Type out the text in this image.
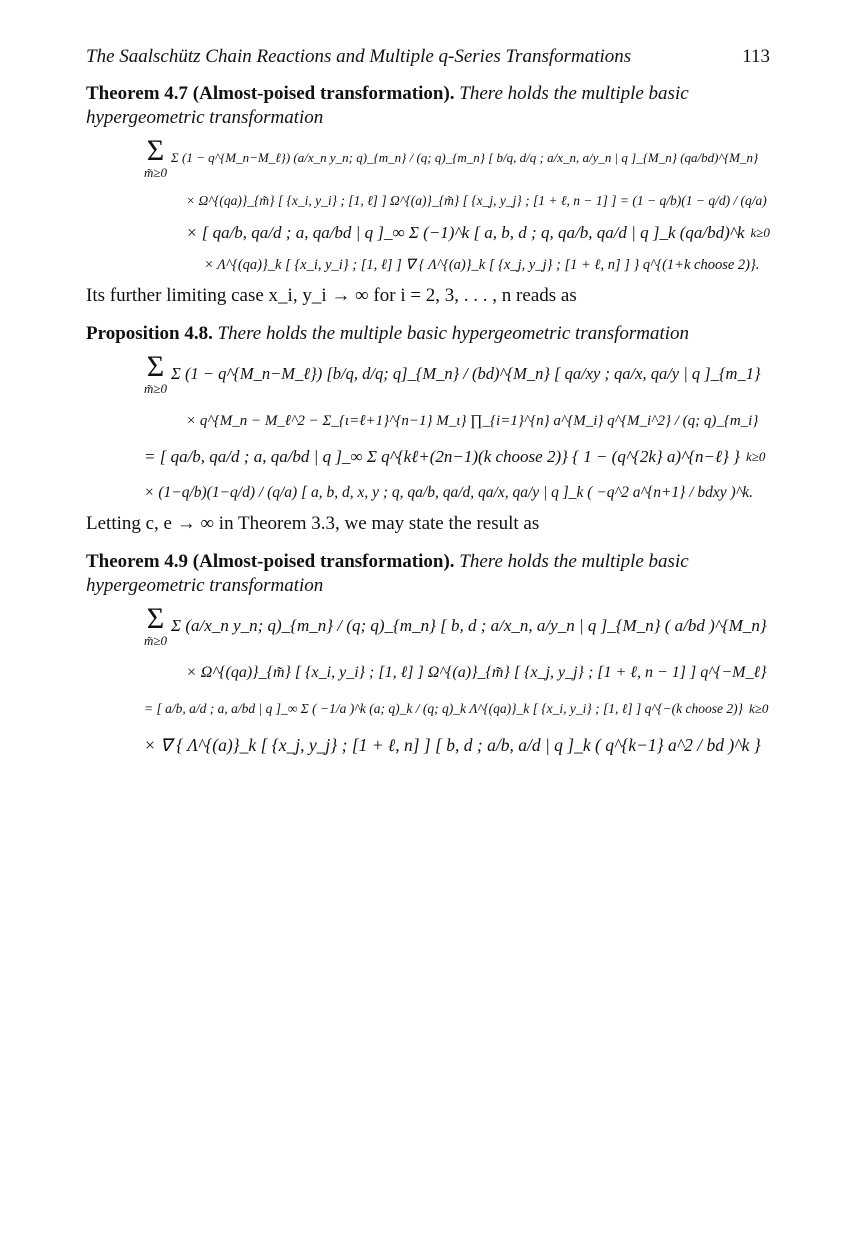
The Saalschütz Chain Reactions and Multiple q-Series Transformations	113
Theorem 4.7 (Almost-poised transformation). There holds the multiple basic hypergeometric transformation
Σ
m̃≥0
Σ (1 − q^{M_n−M_ℓ}) (a/x_n y_n; q)_{m_n} / (q; q)_{m_n} [ b/q, d/q ; a/x_n, a/y_n | q ]_{M_n} (qa/bd)^{M_n}
× Ω^{(qa)}_{m̃} [ {x_i, y_i} ; [1, ℓ] ] Ω^{(a)}_{m̃} [ {x_j, y_j} ; [1 + ℓ, n − 1] ] = (1 − q/b)(1 − q/d) / (q/a)
× [ qa/b, qa/d ; a, qa/bd | q ]_∞ Σ (−1)^k [ a, b, d ; q, qa/b, qa/d | q ]_k (qa/bd)^k k≥0
× Λ^{(qa)}_k [ {x_i, y_i} ; [1, ℓ] ] ∇ { Λ^{(a)}_k [ {x_j, y_j} ; [1 + ℓ, n] ] } q^{(1+k choose 2)}.

Its further limiting case x_i, y_i → ∞ for i = 2, 3, . . . , n reads as

Proposition 4.8. There holds the multiple basic hypergeometric transformation
Σ
m̃≥0
Σ (1 − q^{M_n−M_ℓ}) [b/q, d/q; q]_{M_n} / (bd)^{M_n} [ qa/xy ; qa/x, qa/y | q ]_{m_1}
× q^{M_n − M_ℓ^2 − Σ_{ι=ℓ+1}^{n−1} M_ι} ∏_{i=1}^{n} a^{M_i} q^{M_i^2} / (q; q)_{m_i}
= [ qa/b, qa/d ; a, qa/bd | q ]_∞ Σ q^{kℓ+(2n−1)(k choose 2)} { 1 − (q^{2k} a)^{n−ℓ} } k≥0
× (1−q/b)(1−q/d) / (q/a) [ a, b, d, x, y ; q, qa/b, qa/d, qa/x, qa/y | q ]_k ( −q^2 a^{n+1} / bdxy )^k.

Letting c, e → ∞ in Theorem 3.3, we may state the result as

Theorem 4.9 (Almost-poised transformation). There holds the multiple basic hypergeometric transformation
Σ
m̃≥0
Σ (a/x_n y_n; q)_{m_n} / (q; q)_{m_n} [ b, d ; a/x_n, a/y_n | q ]_{M_n} ( a/bd )^{M_n}
× Ω^{(qa)}_{m̃} [ {x_i, y_i} ; [1, ℓ] ] Ω^{(a)}_{m̃} [ {x_j, y_j} ; [1 + ℓ, n − 1] ] q^{−M_ℓ}
= [ a/b, a/d ; a, a/bd | q ]_∞ Σ ( −1/a )^k (a; q)_k / (q; q)_k Λ^{(qa)}_k [ {x_i, y_i} ; [1, ℓ] ] q^{−(k choose 2)} k≥0
× ∇ { Λ^{(a)}_k [ {x_j, y_j} ; [1 + ℓ, n] ] [ b, d ; a/b, a/d | q ]_k ( q^{k−1} a^2 / bd )^k }
